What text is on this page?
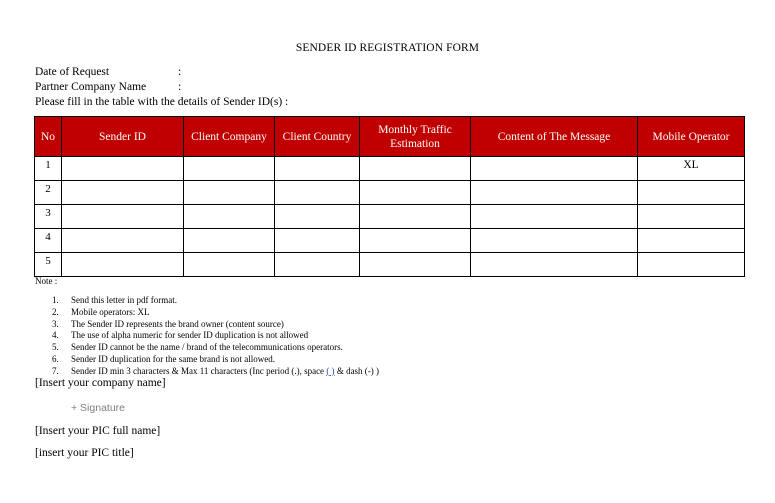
SENDER ID REGISTRATION FORM
Date of Request	:
Partner Company Name	:
Please fill in the table with the details of Sender ID(s) :
No	Sender ID	Client Company	Client Country	Monthly Traffic Estimation	Content of The Message	Mobile Operator
1						XL
2						
3						
4						
5						
Note :
1. Send this letter in pdf format.
2. Mobile operators: XL
3. The Sender ID represents the brand owner (content source)
4. The use of alpha numeric for sender ID duplication is not allowed
5. Sender ID cannot be the name / brand of the telecommunications operators.
6. Sender ID duplication for the same brand is not allowed.
7. Sender ID min 3 characters & Max 11 characters (Inc period (.), space ( ) & dash (-) )
[Insert your company name]
+ Signature
[Insert your PIC full name]
[insert your PIC title]
